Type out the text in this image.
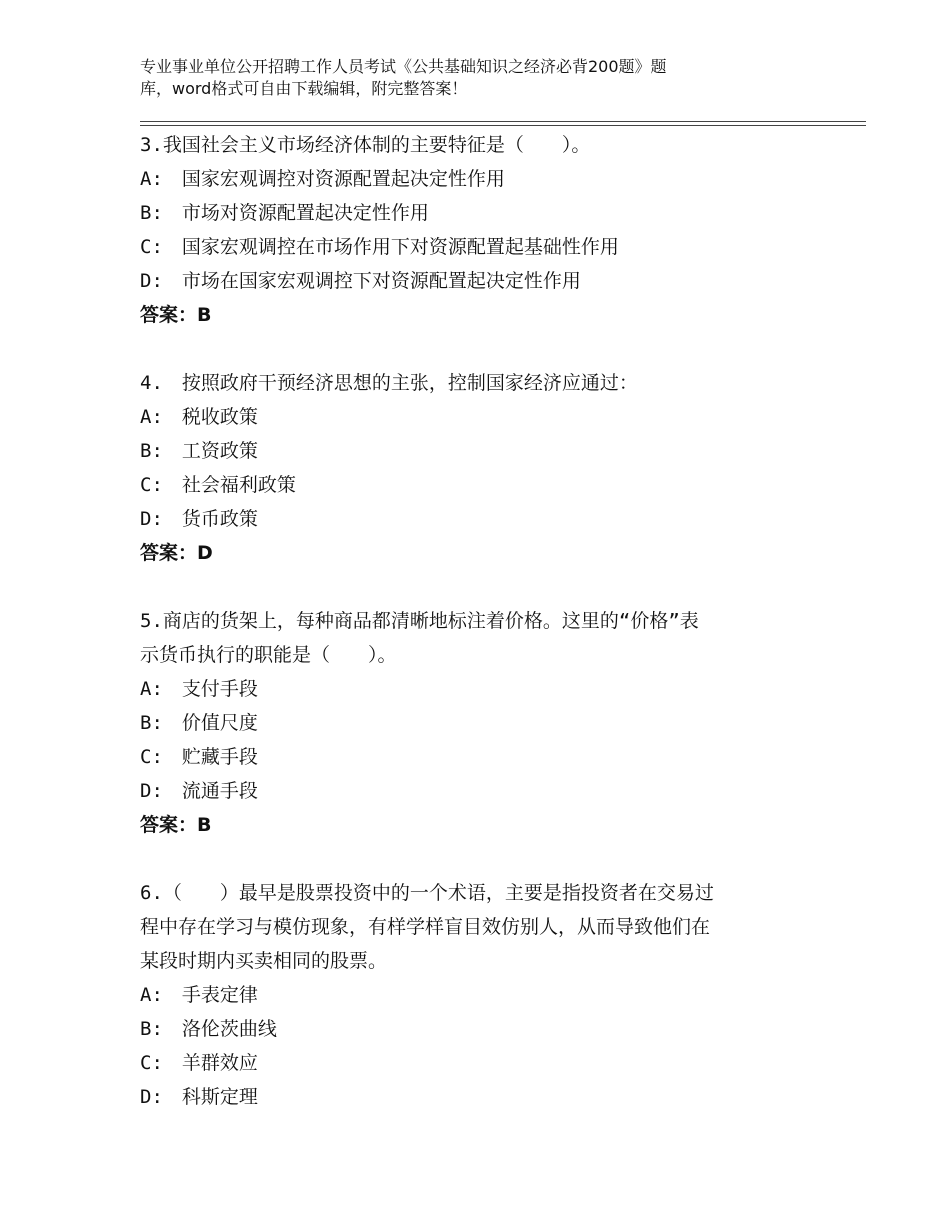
专业事业单位公开招聘工作人员考试《公共基础知识之经济必背200题》题
库，word格式可自由下载编辑，附完整答案！

3.我国社会主义市场经济体制的主要特征是（　　）。

A:　国家宏观调控对资源配置起决定性作用

B:　市场对资源配置起决定性作用

C:　国家宏观调控在市场作用下对资源配置起基础性作用

D:　市场在国家宏观调控下对资源配置起决定性作用

答案：B

4.　按照政府干预经济思想的主张，控制国家经济应通过：

A:　税收政策

B:　工资政策

C:　社会福利政策

D:　货币政策

答案：D

5.商店的货架上，每种商品都清晰地标注着价格。这里的“价格”表

示货币执行的职能是（　　）。

A:　支付手段

B:　价值尺度

C:　贮藏手段

D:　流通手段

答案：B

6.（　　）最早是股票投资中的一个术语，主要是指投资者在交易过

程中存在学习与模仿现象，有样学样盲目效仿别人，从而导致他们在

某段时期内买卖相同的股票。

A:　手表定律

B:　洛伦茨曲线

C:　羊群效应

D:　科斯定理
